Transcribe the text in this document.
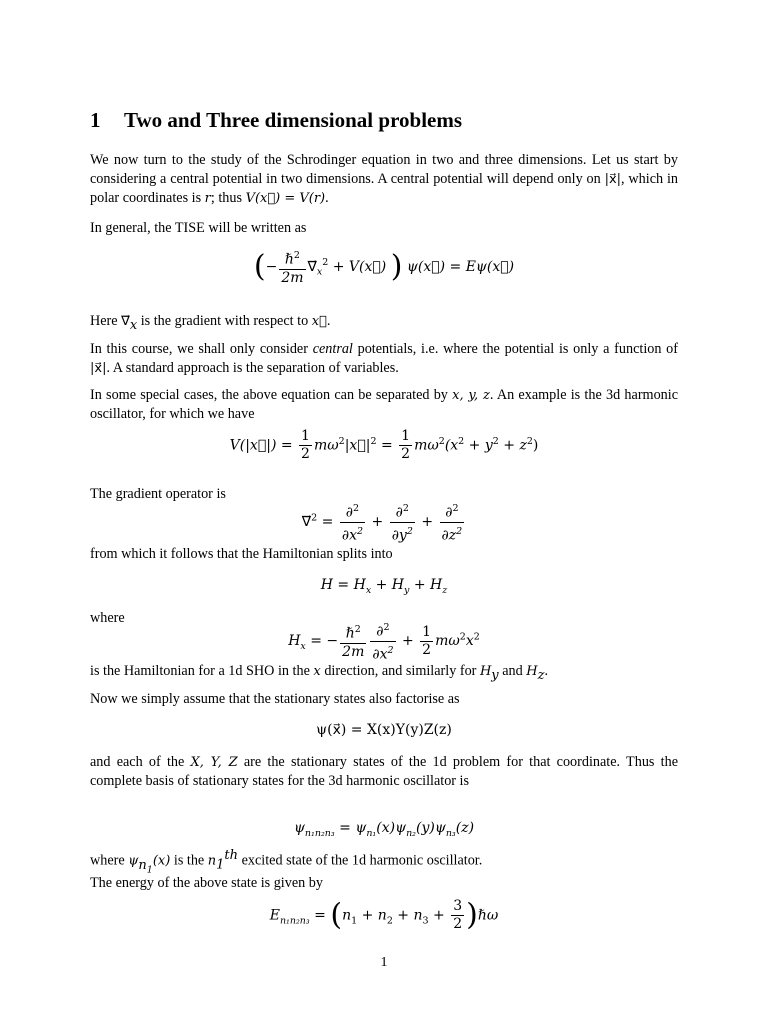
1 Two and Three dimensional problems

We now turn to the study of the Schrodinger equation in two and three dimensions. Let us start by considering a central potential in two dimensions. A central potential will depend only on |x⃗|, which in polar coordinates is r; thus V(x⃗) = V(r).

In general, the TISE will be written as

(− $\frac{\hbar^2}{2m}$ $\nabla⃗_x^2$ + V(x⃗) ) ψ(x⃗) = Eψ(x⃗)

Here $\nabla⃗_x$ is the gradient with respect to x⃗.

In this course, we shall only consider central potentials, i.e. where the potential is only a function of |x⃗|. A standard approach is the separation of variables.

In some special cases, the above equation can be separated by x, y, z. An example is the 3d harmonic oscillator, for which we have

V(|x⃗|) = $\frac{1}{2}$ $m\omega^2|x⃗|^2 = \frac{1}{2} m\omega^2(x^2 + y^2 + z^2)$

The gradient operator is

∇⃗$^2$ = $\frac{\partial^2}{\partial x^2} + \frac{\partial^2}{\partial y^2} + \frac{\partial^2}{\partial z^2}$

from which it follows that the Hamiltonian splits into

$H = H_x + H_y + H_z$

where

$H_x$ = − $\frac{\hbar^2}{2m} \frac{\partial^2}{\partial x^2} + \frac{1}{2} m\omega^2x^2$

is the Hamiltonian for a 1d SHO in the x direction, and similarly for $H_y$ and $H_z$.

Now we simply assume that the stationary states also factorise as

ψ(x⃗) = X(x)Y(y)Z(z)

and each of the X, Y, Z are the stationary states of the 1d problem for that coordinate. Thus the complete basis of stationary states for the 3d harmonic oscillator is

$\psi_{n_1n_2n_3} = \psi_{n_1}(x)\psi_{n_2}(y)\psi_{n_3}(z)$

where $\psi_{n_1}(x)$ is the $n_1^{th}$ excited state of the 1d harmonic oscillator.

The energy of the above state is given by

$E_{n_1n_2n_3} = (n_1 + n_2 + n_3 + \frac{3}{2}$ )ℏω
1
